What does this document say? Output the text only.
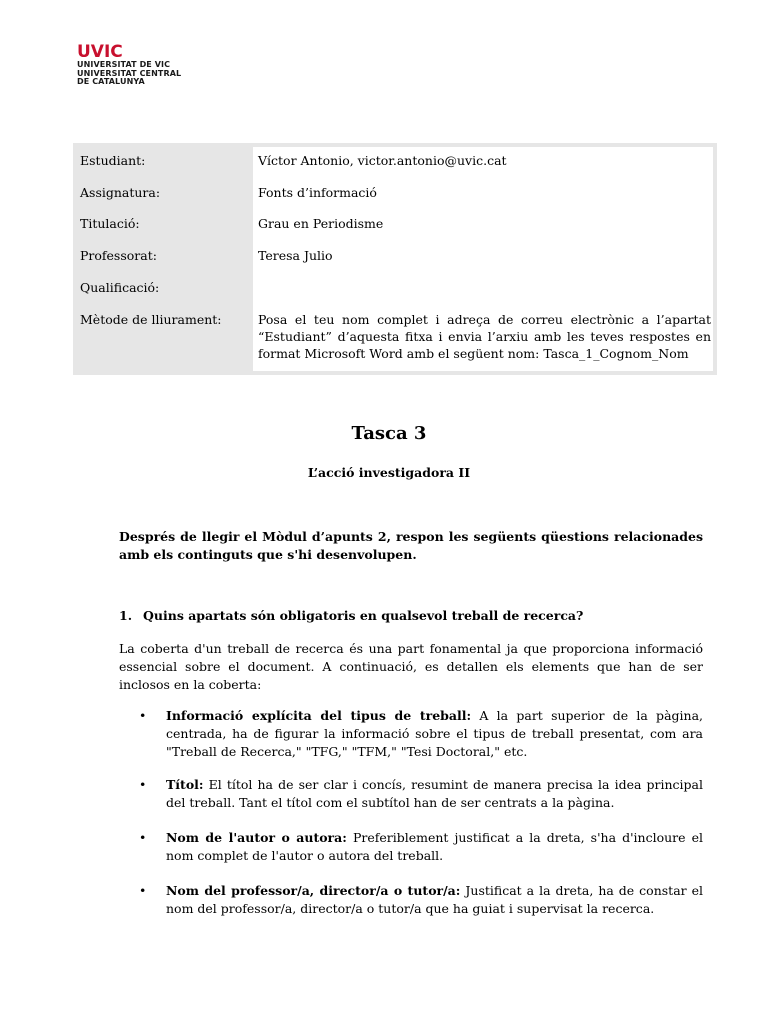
UVIC
UNIVERSITAT DE VIC
UNIVERSITAT CENTRAL
DE CATALUNYA
Estudiant:	Víctor Antonio, victor.antonio@uvic.cat
Assignatura:	Fonts d’informació
Titulació:	Grau en Periodisme
Professorat:	Teresa Julio
Qualificació:
Mètode de lliurament:	Posa el teu nom complet i adreça de correu electrònic a l’apartat “Estudiant” d’aquesta fitxa i envia l’arxiu amb les teves respostes en format Microsoft Word amb el següent nom: Tasca_1_Cognom_Nom
Tasca 3
L’acció investigadora II
Després de llegir el Mòdul d’apunts 2, respon les següents qüestions relacionades amb els continguts que s'hi desenvolupen.
1. Quins apartats són obligatoris en qualsevol treball de recerca?
La coberta d'un treball de recerca és una part fonamental ja que proporciona informació essencial sobre el document. A continuació, es detallen els elements que han de ser inclosos en la coberta:
• Informació explícita del tipus de treball: A la part superior de la pàgina, centrada, ha de figurar la informació sobre el tipus de treball presentat, com ara "Treball de Recerca," "TFG," "TFM," "Tesi Doctoral," etc.
• Títol: El títol ha de ser clar i concís, resumint de manera precisa la idea principal del treball. Tant el títol com el subtítol han de ser centrats a la pàgina.
• Nom de l'autor o autora: Preferiblement justificat a la dreta, s'ha d'incloure el nom complet de l'autor o autora del treball.
• Nom del professor/a, director/a o tutor/a: Justificat a la dreta, ha de constar el nom del professor/a, director/a o tutor/a que ha guiat i supervisat la recerca.
